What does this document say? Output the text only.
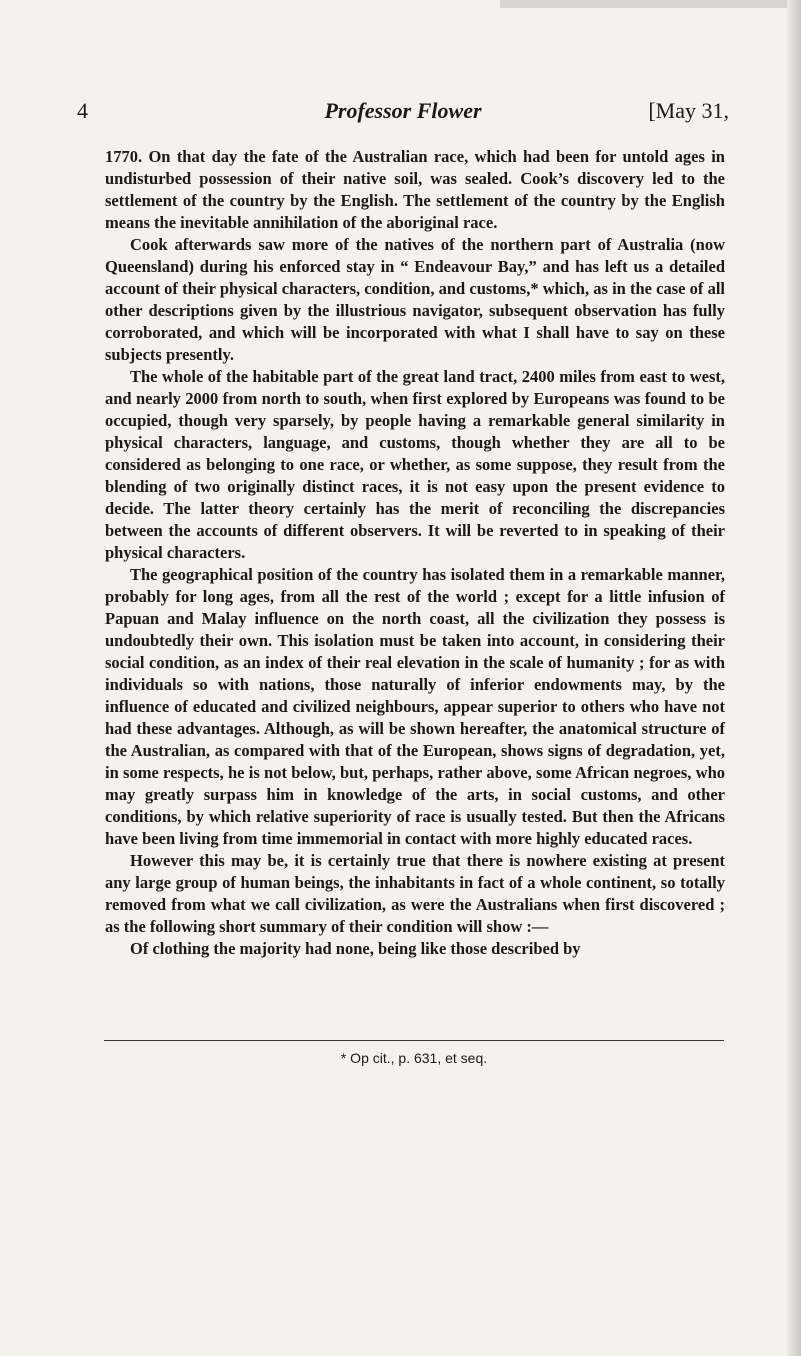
4	Professor Flower	[May 31,

1770. On that day the fate of the Australian race, which had been for untold ages in undisturbed possession of their native soil, was sealed. Cook’s discovery led to the settlement of the country by the English. The settlement of the country by the English means the inevitable annihilation of the aboriginal race.

Cook afterwards saw more of the natives of the northern part of Australia (now Queensland) during his enforced stay in “ Endeavour Bay,” and has left us a detailed account of their physical characters, condition, and customs,* which, as in the case of all other descriptions given by the illustrious navigator, subsequent observation has fully corroborated, and which will be incorporated with what I shall have to say on these subjects presently.

The whole of the habitable part of the great land tract, 2400 miles from east to west, and nearly 2000 from north to south, when first explored by Europeans was found to be occupied, though very sparsely, by people having a remarkable general similarity in physical characters, language, and customs, though whether they are all to be considered as belonging to one race, or whether, as some suppose, they result from the blending of two originally distinct races, it is not easy upon the present evidence to decide. The latter theory certainly has the merit of reconciling the discrepancies between the accounts of different observers. It will be reverted to in speaking of their physical characters.

The geographical position of the country has isolated them in a remarkable manner, probably for long ages, from all the rest of the world ; except for a little infusion of Papuan and Malay influence on the north coast, all the civilization they possess is undoubtedly their own. This isolation must be taken into account, in considering their social condition, as an index of their real elevation in the scale of humanity ; for as with individuals so with nations, those naturally of inferior endowments may, by the influence of educated and civilized neighbours, appear superior to others who have not had these advantages. Although, as will be shown hereafter, the anatomical structure of the Australian, as compared with that of the European, shows signs of degradation, yet, in some respects, he is not below, but, perhaps, rather above, some African negroes, who may greatly surpass him in knowledge of the arts, in social customs, and other conditions, by which relative superiority of race is usually tested. But then the Africans have been living from time immemorial in contact with more highly educated races.

However this may be, it is certainly true that there is nowhere existing at present any large group of human beings, the inhabitants in fact of a whole continent, so totally removed from what we call civilization, as were the Australians when first discovered ; as the following short summary of their condition will show :—

Of clothing the majority had none, being like those described by

* Op cit., p. 631, et seq.
